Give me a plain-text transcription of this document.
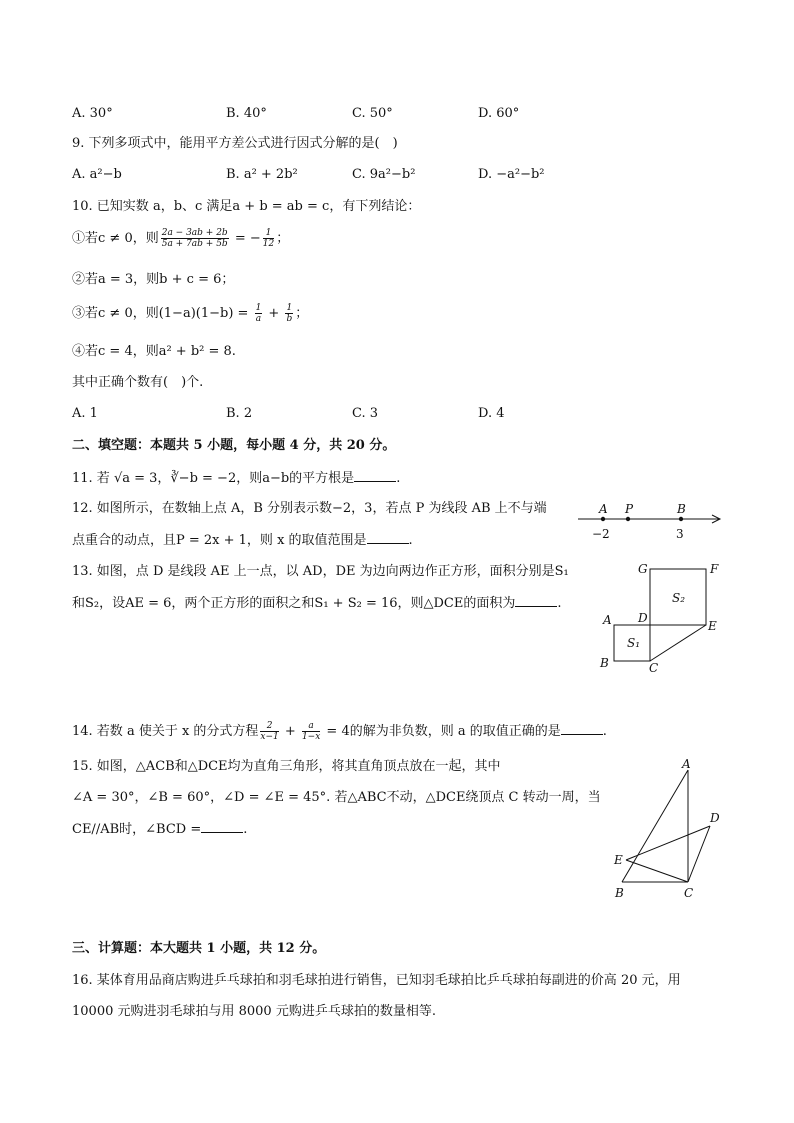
A. 30°	B. 40°	C. 50°	D. 60°
9. 下列多项式中，能用平方差公式进行因式分解的是(　)
A. a²−b	B. a² + 2b²	C. 9a²−b²	D. −a²−b²
10. 已知实数 a，b、c 满足a + b = ab = c，有下列结论：
①若c ≠ 0，则 $\frac{2a - 3ab + 2b}{5a + 7ab + 5b}$ = − $\frac{1}{12}$ ；
②若a = 3，则b + c = 6；
③若c ≠ 0，则$(1-a)(1-b) = \frac{1}{a} + \frac{1}{b}$ ；
④若c = 4，则a² + b² = 8.
其中正确个数有(　)个.
A. 1	B. 2	C. 3	D. 4
二、填空题：本题共 5 小题，每小题 4 分，共 20 分。
11. 若 √a = 3，∛−b = −2，则a−b的平方根是	.
12. 如图所示，在数轴上点 A，B 分别表示数−2，3，若点 P 为线段 AB 上不与端
点重合的动点，且P = 2x + 1，则 x 的取值范围是	.
A P	B
−2	3
13. 如图，点 D 是线段 AE 上一点，以 AD，DE 为边向两边作正方形，面积分别是S₁
和S₂，设AE = 6，两个正方形的面积之和S₁ + S₂ = 16，则△DCE的面积为	.
G	F
S₂
A D
E
S₁
B	C
14. 若数 a 使关于 x 的分式方程 $\frac{2}{x-1} + \frac{a}{1-x} = 4$的解为非负数，则 a 的取值正确的是	.
15. 如图，△ACB和△DCE均为直角三角形，将其直角顶点放在一起，其中
∠A = 30°，∠B = 60°，∠D = ∠E = 45°. 若△ABC不动，△DCE绕顶点 C 转动一周，当
CE//AB时，∠BCD =	.
A
D
E
B	C
三、计算题：本大题共 1 小题，共 12 分。
16. 某体育用品商店购进乒乓球拍和羽毛球拍进行销售，已知羽毛球拍比乒乓球拍每副进的价高 20 元，用
10000 元购进羽毛球拍与用 8000 元购进乒乓球拍的数量相等.
